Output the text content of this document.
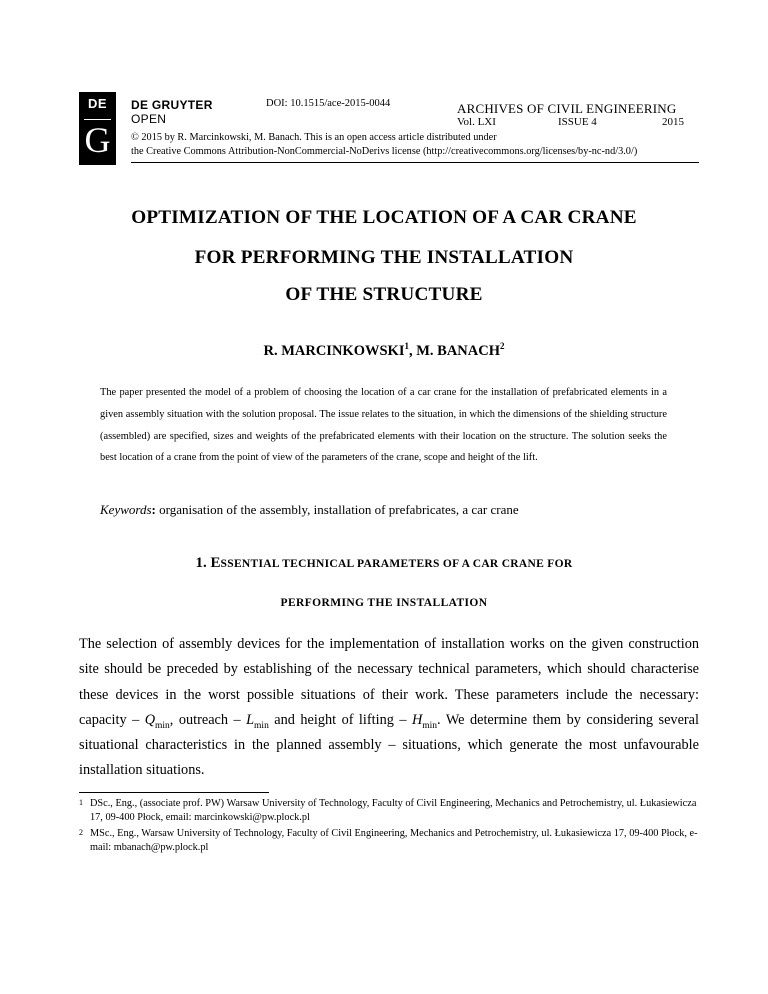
DE
G
DE GRUYTER
OPEN
DOI: 10.1515/ace-2015-0044	ARCHIVES OF CIVIL ENGINEERING
Vol. LXI	ISSUE 4	2015
© 2015 by R. Marcinkowski, M. Banach. This is an open access article distributed under
the Creative Commons Attribution-NonCommercial-NoDerivs license (http://creativecommons.org/licenses/by-nc-nd/3.0/)
OPTIMIZATION OF THE LOCATION OF A CAR CRANE
FOR PERFORMING THE INSTALLATION
OF THE STRUCTURE
R. MARCINKOWSKI$^1$, M. BANACH$^2$
The paper presented the model of a problem of choosing the location of a car crane for the installation of prefabricated elements in a given assembly situation with the solution proposal. The issue relates to the situation, in which the dimensions of the shielding structure (assembled) are specified, sizes and weights of the prefabricated elements with their location on the structure. The solution seeks the best location of a crane from the point of view of the parameters of the crane, scope and height of the lift.
Keywords: organisation of the assembly, installation of prefabricates, a car crane
1. ESSENTIAL TECHNICAL PARAMETERS OF A CAR CRANE FOR
PERFORMING THE INSTALLATION
The selection of assembly devices for the implementation of installation works on the given construction site should be preceded by establishing of the necessary technical parameters, which should characterise these devices in the worst possible situations of their work. These parameters include the necessary: capacity – $Q_{min}$, outreach – $L_{min}$ and height of lifting – $H_{min}$. We determine them by considering several situational characteristics in the planned assembly – situations, which generate the most unfavourable installation situations.
1 DSc., Eng., (associate prof. PW) Warsaw University of Technology, Faculty of Civil Engineering, Mechanics and Petrochemistry, ul. Łukasiewicza 17, 09-400 Płock, email: marcinkowski@pw.plock.pl
2 MSc., Eng., Warsaw University of Technology, Faculty of Civil Engineering, Mechanics and Petrochemistry, ul. Łukasiewicza 17, 09-400 Płock, e-mail: mbanach@pw.plock.pl
